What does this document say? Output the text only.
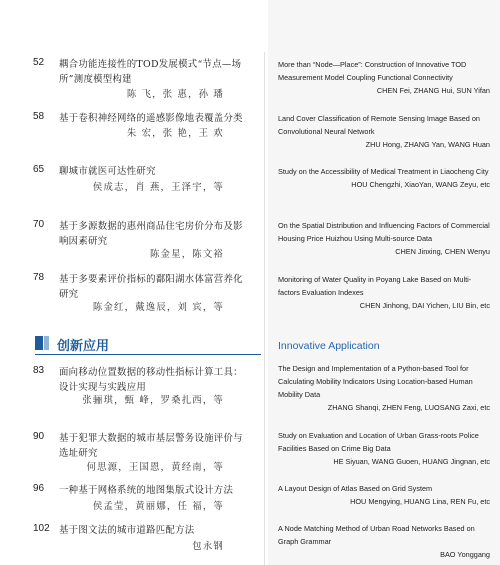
52 耦合功能连接性的TOD发展模式“节点—场所”测度模型构建
陈 飞，张 惠，孙 璠
58 基于卷积神经网络的遥感影像地表覆盖分类
朱 宏，张 艳，王 欢
65 聊城市就医可达性研究
侯成志，肖 燕，王泽宇，等
70 基于多源数据的惠州商品住宅房价分布及影响因素研究
陈金星，陈文裕
78 基于多要素评价指标的鄱阳湖水体富营养化研究
陈金红，戴逸辰，刘 宾，等
创新应用
83 面向移动位置数据的移动性指标计算工具：设计实现与实践应用
张骊琪，甄 峰，罗桑扎西，等
90 基于犯罪大数据的城市基层警务设施评价与选址研究
何思源，王国恩，黄经南，等
96 一种基于网格系统的地图集版式设计方法
侯孟莹，黄丽娜，任 福，等
102 基于图文法的城市道路匹配方法
包永钢
More than “Node—Place”: Construction of Innovative TOD Measurement Model Coupling Functional Connectivity
CHEN Fei, ZHANG Hui, SUN Yifan
Land Cover Classification of Remote Sensing Image Based on Convolutional Neural Network
ZHU Hong, ZHANG Yan, WANG Huan
Study on the Accessibility of Medical Treatment in Liaocheng City
HOU Chengzhi, XiaoYan, WANG Zeyu, etc
On the Spatial Distribution and Influencing Factors of Commercial Housing Price Huizhou Using Multi-source Data
CHEN Jinxing, CHEN Wenyu
Monitoring of Water Quality in Poyang Lake Based on Multi-factors Evaluation Indexes
CHEN Jinhong, DAI Yichen, LIU Bin, etc
Innovative Application
The Design and Implementation of a Python-based Tool for Calculating Mobility Indicators Using Location-based Human Mobility Data
ZHANG Shanqi, ZHEN Feng, LUOSANG Zaxi, etc
Study on Evaluation and Location of Urban Grass-roots Police Facilities Based on Crime Big Data
HE Siyuan, WANG Guoen, HUANG Jingnan, etc
A Layout Design of Atlas Based on Grid System
HOU Mengying, HUANG Lina, REN Fu, etc
A Node Matching Method of Urban Road Networks Based on Graph Grammar
BAO Yonggang
